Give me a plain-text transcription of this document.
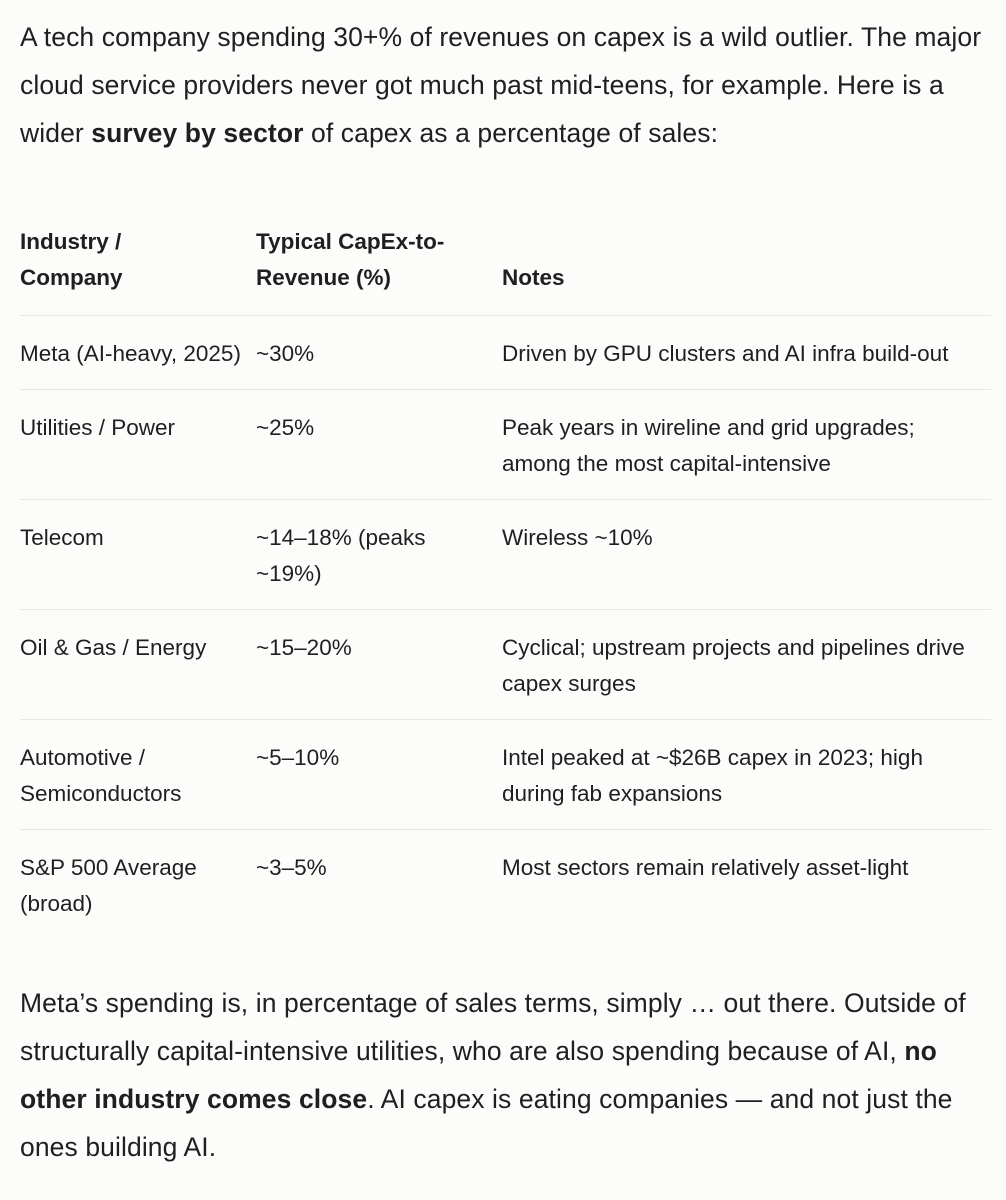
A tech company spending 30+% of revenues on capex is a wild outlier. The major cloud service providers never got much past mid-teens, for example. Here is a wider survey by sector of capex as a percentage of sales:

Industry / Company	Typical CapEx-to-Revenue (%)	Notes

Meta (AI-heavy, 2025)	~30%	Driven by GPU clusters and AI infra build-out

Utilities / Power	~25%	Peak years in wireline and grid upgrades; among the most capital-intensive

Telecom	~14–18% (peaks ~19%)	Wireless ~10%

Oil & Gas / Energy	~15–20%	Cyclical; upstream projects and pipelines drive capex surges

Automotive / Semiconductors	~5–10%	Intel peaked at ~$26B capex in 2023; high during fab expansions

S&P 500 Average (broad)	~3–5%	Most sectors remain relatively asset-light

Meta’s spending is, in percentage of sales terms, simply … out there. Outside of structurally capital-intensive utilities, who are also spending because of AI, no other industry comes close. AI capex is eating companies — and not just the ones building AI.
